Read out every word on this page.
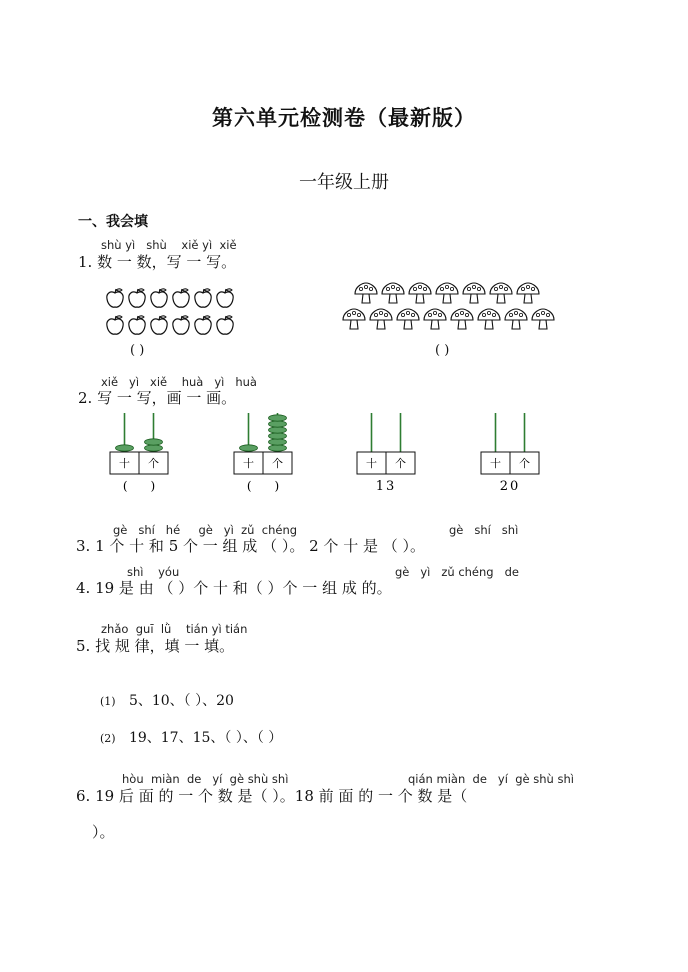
第六单元检测卷（最新版）
一年级上册
一、我会填
shù yì shù xiě yì xiě
1. 数 一 数，写 一 写。
( )	( )
xiě yì xiě huà yì huà
2. 写 一 写，画 一 画。
十 个
(      )
十 个
(      )
十 个
13
十 个
20
gè shí hé gè yì zǔ chéng	gè shí shì
3. 1 个 十 和 5 个 一 组 成 （ ）。 2 个 十 是 （ ）。
shì yóu	gè yì zǔ chéng de
4. 19 是 由 （ ）个 十 和（ ）个 一 组 成 的。
zhǎo guī lǜ tián yì tián
5. 找 规 律，填 一 填。
(1) 5、10、（ ）、20
(2) 19、17、15、（ ）、（ ）
hòu miàn de yí gè shù shì	qián miàn de yí gè shù shì
6. 19 后 面 的 一 个 数 是（ ）。18 前 面 的 一 个 数 是（
）。
